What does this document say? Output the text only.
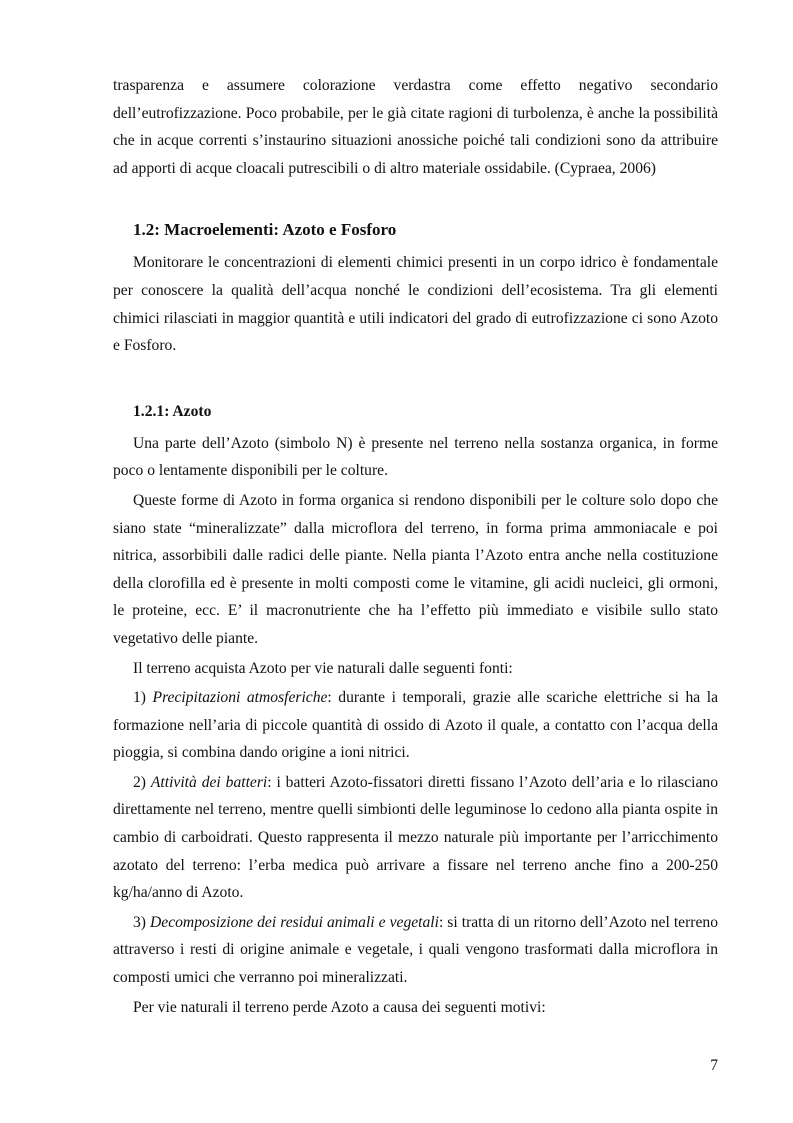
trasparenza e assumere colorazione verdastra come effetto negativo secondario dell’eutrofizzazione. Poco probabile, per le già citate ragioni di turbolenza, è anche la possibilità che in acque correnti s’instaurino situazioni anossiche poiché tali condizioni sono da attribuire ad apporti di acque cloacali putrescibili o di altro materiale ossidabile. (Cypraea, 2006)

1.2: Macroelementi: Azoto e Fosforo

Monitorare le concentrazioni di elementi chimici presenti in un corpo idrico è fondamentale per conoscere la qualità dell’acqua nonché le condizioni dell’ecosistema. Tra gli elementi chimici rilasciati in maggior quantità e utili indicatori del grado di eutrofizzazione ci sono Azoto e Fosforo.

1.2.1: Azoto

Una parte dell’Azoto (simbolo N) è presente nel terreno nella sostanza organica, in forme poco o lentamente disponibili per le colture.

Queste forme di Azoto in forma organica si rendono disponibili per le colture solo dopo che siano state “mineralizzate” dalla microflora del terreno, in forma prima ammoniacale e poi nitrica, assorbibili dalle radici delle piante. Nella pianta l’Azoto entra anche nella costituzione della clorofilla ed è presente in molti composti come le vitamine, gli acidi nucleici, gli ormoni, le proteine, ecc. E’ il macronutriente che ha l’effetto più immediato e visibile sullo stato vegetativo delle piante.

Il terreno acquista Azoto per vie naturali dalle seguenti fonti:

1) Precipitazioni atmosferiche: durante i temporali, grazie alle scariche elettriche si ha la formazione nell’aria di piccole quantità di ossido di Azoto il quale, a contatto con l’acqua della pioggia, si combina dando origine a ioni nitrici.

2) Attività dei batteri: i batteri Azoto-fissatori diretti fissano l’Azoto dell’aria e lo rilasciano direttamente nel terreno, mentre quelli simbionti delle leguminose lo cedono alla pianta ospite in cambio di carboidrati. Questo rappresenta il mezzo naturale più importante per l’arricchimento azotato del terreno: l’erba medica può arrivare a fissare nel terreno anche fino a 200-250 kg/ha/anno di Azoto.

3) Decomposizione dei residui animali e vegetali: si tratta di un ritorno dell’Azoto nel terreno attraverso i resti di origine animale e vegetale, i quali vengono trasformati dalla microflora in composti umici che verranno poi mineralizzati.

Per vie naturali il terreno perde Azoto a causa dei seguenti motivi:

7
